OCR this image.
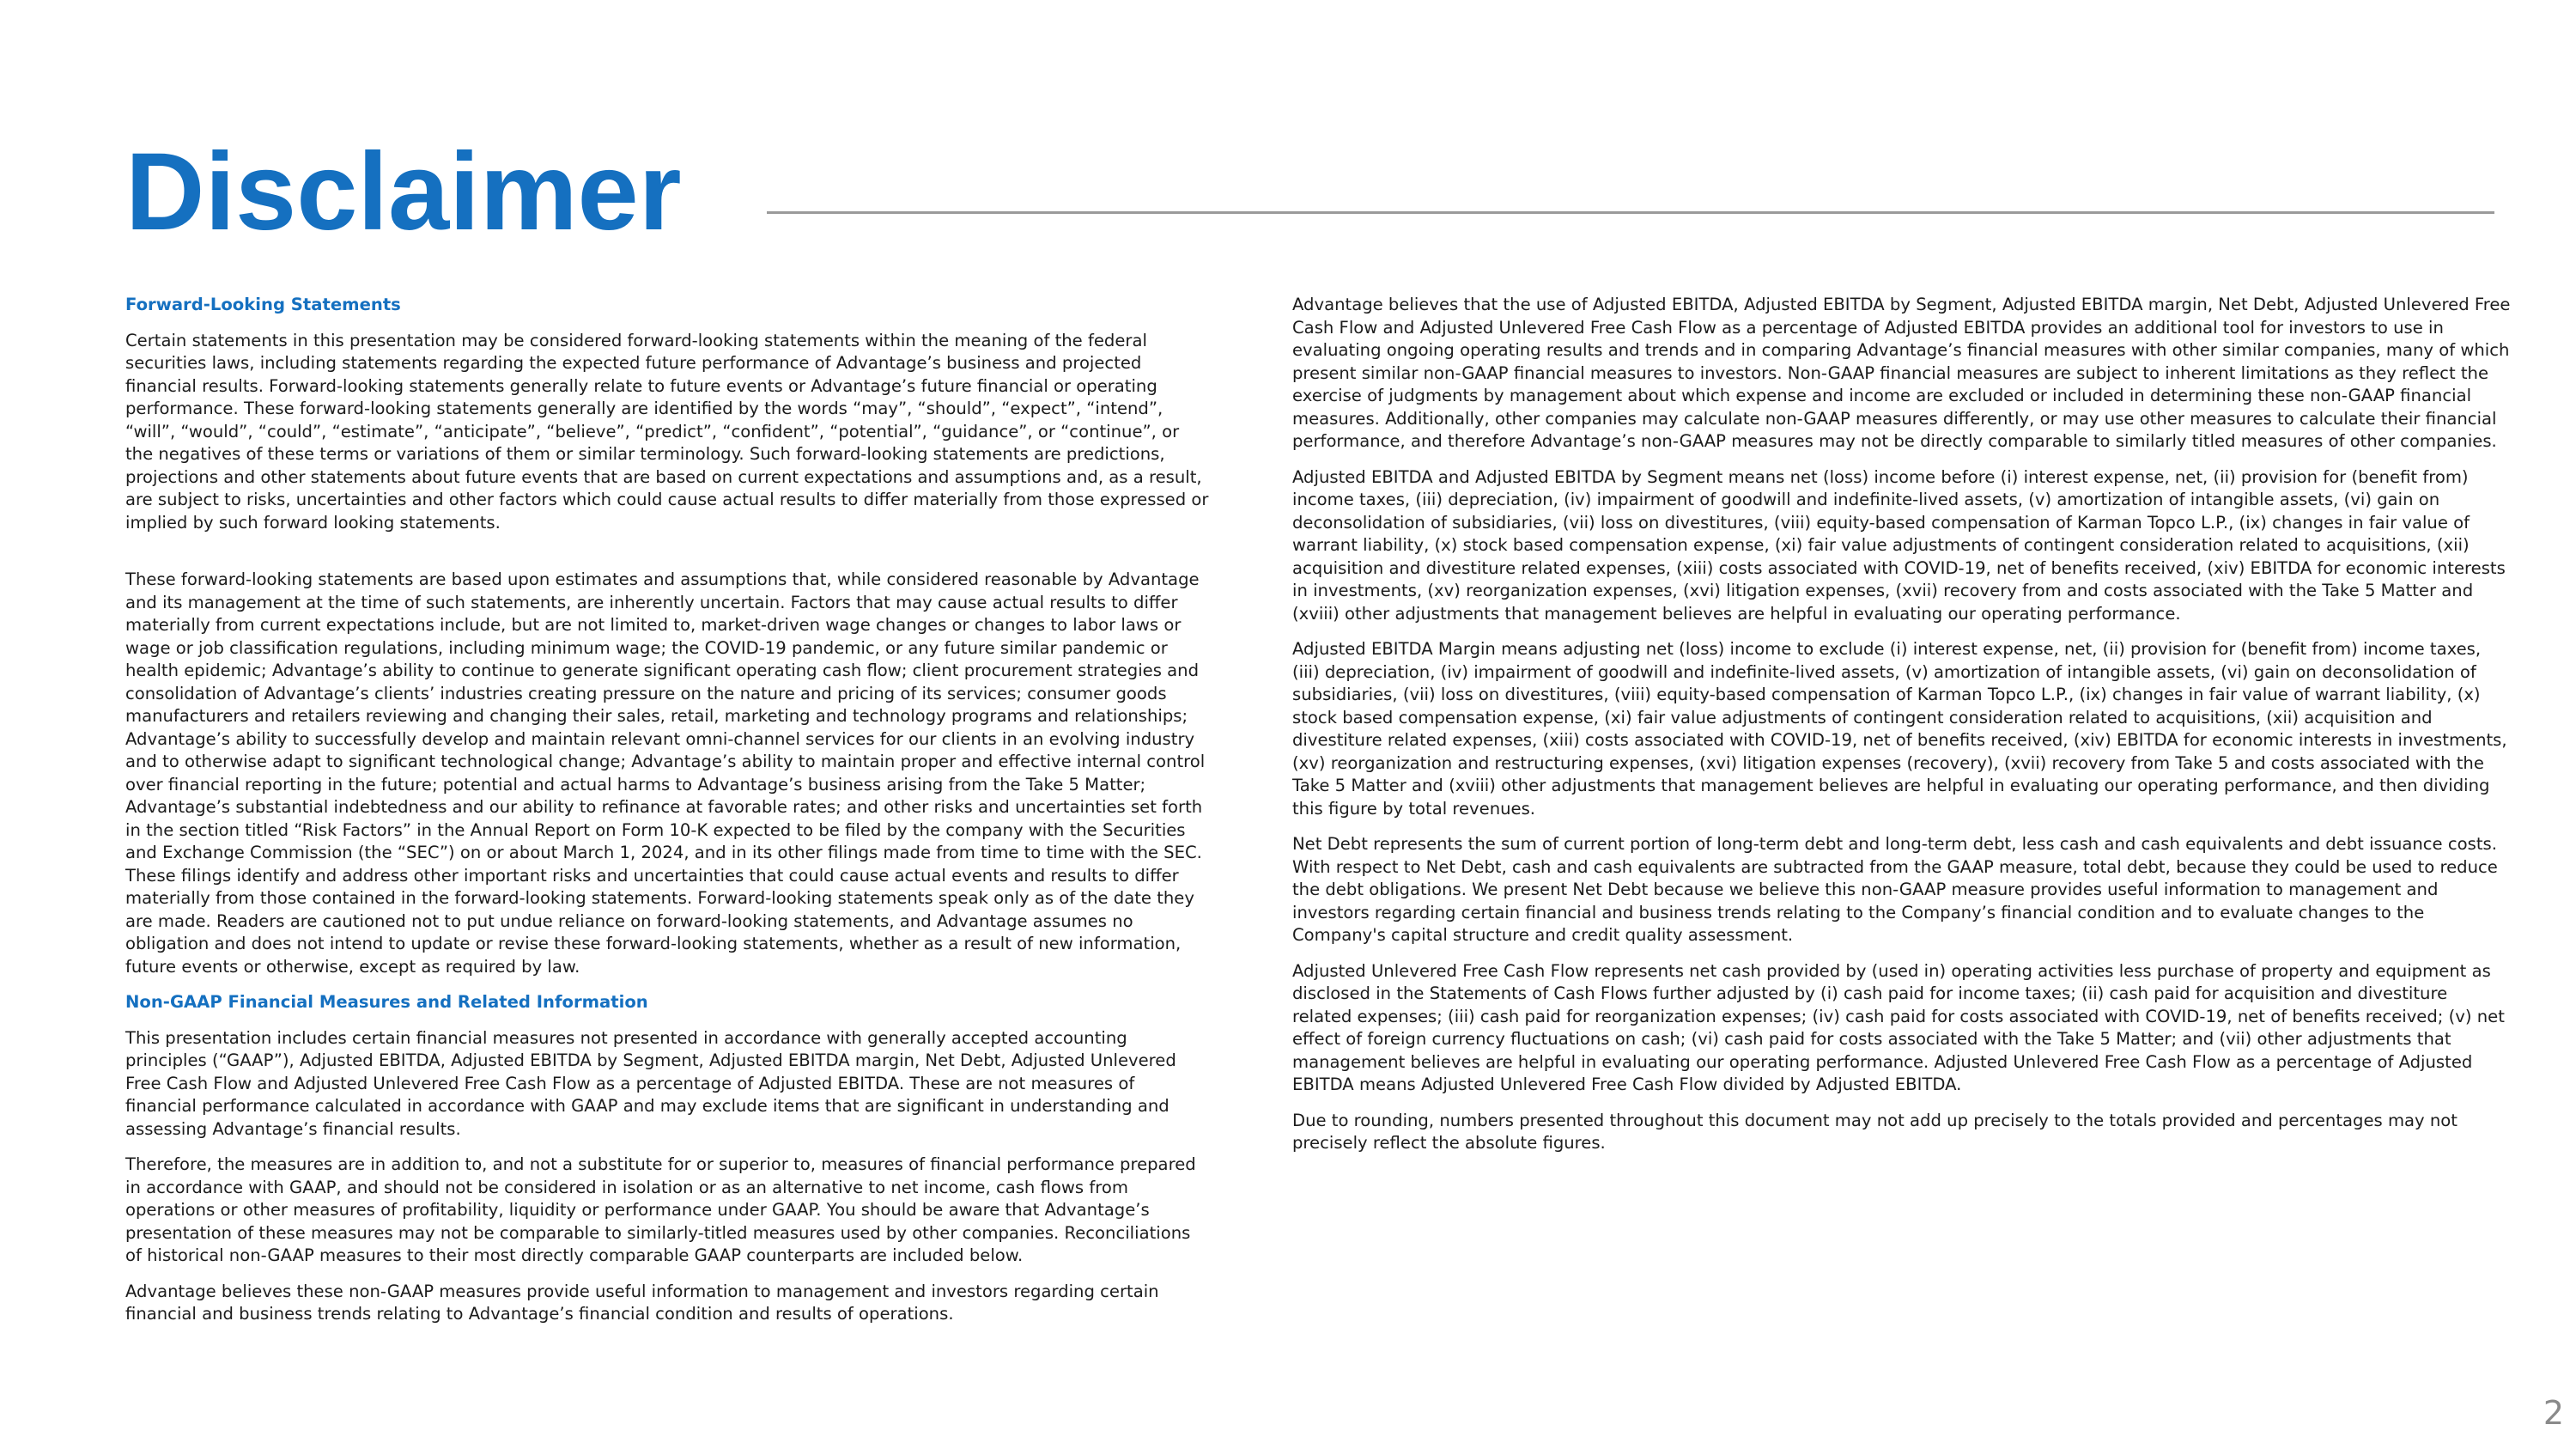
Disclaimer
Forward-Looking Statements

Certain statements in this presentation may be considered forward-looking statements within the meaning of the federal securities laws, including statements regarding the expected future performance of Advantage’s business and projected financial results. Forward-looking statements generally relate to future events or Advantage’s future financial or operating performance. These forward-looking statements generally are identified by the words “may”, “should”, “expect”, “intend”, “will”, “would”, “could”, “estimate”, “anticipate”, “believe”, “predict”, “confident”, “potential”, “guidance”, or “continue”, or the negatives of these terms or variations of them or similar terminology. Such forward-looking statements are predictions, projections and other statements about future events that are based on current expectations and assumptions and, as a result, are subject to risks, uncertainties and other factors which could cause actual results to differ materially from those expressed or implied by such forward looking statements.

These forward-looking statements are based upon estimates and assumptions that, while considered reasonable by Advantage and its management at the time of such statements, are inherently uncertain. Factors that may cause actual results to differ materially from current expectations include, but are not limited to, market-driven wage changes or changes to labor laws or wage or job classification regulations, including minimum wage; the COVID-19 pandemic, or any future similar pandemic or health epidemic; Advantage’s ability to continue to generate significant operating cash flow; client procurement strategies and consolidation of Advantage’s clients’ industries creating pressure on the nature and pricing of its services; consumer goods manufacturers and retailers reviewing and changing their sales, retail, marketing and technology programs and relationships; Advantage’s ability to successfully develop and maintain relevant omni-channel services for our clients in an evolving industry and to otherwise adapt to significant technological change; Advantage’s ability to maintain proper and effective internal control over financial reporting in the future; potential and actual harms to Advantage’s business arising from the Take 5 Matter; Advantage’s substantial indebtedness and our ability to refinance at favorable rates; and other risks and uncertainties set forth in the section titled “Risk Factors” in the Annual Report on Form 10-K expected to be filed by the company with the Securities and Exchange Commission (the “SEC”) on or about March 1, 2024, and in its other filings made from time to time with the SEC. These filings identify and address other important risks and uncertainties that could cause actual events and results to differ materially from those contained in the forward-looking statements. Forward-looking statements speak only as of the date they are made. Readers are cautioned not to put undue reliance on forward-looking statements, and Advantage assumes no obligation and does not intend to update or revise these forward-looking statements, whether as a result of new information, future events or otherwise, except as required by law.

Non-GAAP Financial Measures and Related Information

This presentation includes certain financial measures not presented in accordance with generally accepted accounting principles (“GAAP”), Adjusted EBITDA, Adjusted EBITDA by Segment, Adjusted EBITDA margin, Net Debt, Adjusted Unlevered Free Cash Flow and Adjusted Unlevered Free Cash Flow as a percentage of Adjusted EBITDA. These are not measures of financial performance calculated in accordance with GAAP and may exclude items that are significant in understanding and assessing Advantage’s financial results.

Therefore, the measures are in addition to, and not a substitute for or superior to, measures of financial performance prepared in accordance with GAAP, and should not be considered in isolation or as an alternative to net income, cash flows from operations or other measures of profitability, liquidity or performance under GAAP. You should be aware that Advantage’s presentation of these measures may not be comparable to similarly-titled measures used by other companies. Reconciliations of historical non-GAAP measures to their most directly comparable GAAP counterparts are included below.

Advantage believes these non-GAAP measures provide useful information to management and investors regarding certain financial and business trends relating to Advantage’s financial condition and results of operations.

Advantage believes that the use of Adjusted EBITDA, Adjusted EBITDA by Segment, Adjusted EBITDA margin, Net Debt, Adjusted Unlevered Free Cash Flow and Adjusted Unlevered Free Cash Flow as a percentage of Adjusted EBITDA provides an additional tool for investors to use in evaluating ongoing operating results and trends and in comparing Advantage’s financial measures with other similar companies, many of which present similar non-GAAP financial measures to investors. Non-GAAP financial measures are subject to inherent limitations as they reflect the exercise of judgments by management about which expense and income are excluded or included in determining these non-GAAP financial measures. Additionally, other companies may calculate non-GAAP measures differently, or may use other measures to calculate their financial performance, and therefore Advantage’s non-GAAP measures may not be directly comparable to similarly titled measures of other companies.

Adjusted EBITDA and Adjusted EBITDA by Segment means net (loss) income before (i) interest expense, net, (ii) provision for (benefit from) income taxes, (iii) depreciation, (iv) impairment of goodwill and indefinite-lived assets, (v) amortization of intangible assets, (vi) gain on deconsolidation of subsidiaries, (vii) loss on divestitures, (viii) equity-based compensation of Karman Topco L.P., (ix) changes in fair value of warrant liability, (x) stock based compensation expense, (xi) fair value adjustments of contingent consideration related to acquisitions, (xii) acquisition and divestiture related expenses, (xiii) costs associated with COVID-19, net of benefits received, (xiv) EBITDA for economic interests in investments, (xv) reorganization expenses, (xvi) litigation expenses, (xvii) recovery from and costs associated with the Take 5 Matter and (xviii) other adjustments that management believes are helpful in evaluating our operating performance.

Adjusted EBITDA Margin means adjusting net (loss) income to exclude (i) interest expense, net, (ii) provision for (benefit from) income taxes, (iii) depreciation, (iv) impairment of goodwill and indefinite-lived assets, (v) amortization of intangible assets, (vi) gain on deconsolidation of subsidiaries, (vii) loss on divestitures, (viii) equity-based compensation of Karman Topco L.P., (ix) changes in fair value of warrant liability, (x) stock based compensation expense, (xi) fair value adjustments of contingent consideration related to acquisitions, (xii) acquisition and divestiture related expenses, (xiii) costs associated with COVID-19, net of benefits received, (xiv) EBITDA for economic interests in investments, (xv) reorganization and restructuring expenses, (xvi) litigation expenses (recovery), (xvii) recovery from Take 5 and costs associated with the Take 5 Matter and (xviii) other adjustments that management believes are helpful in evaluating our operating performance, and then dividing this figure by total revenues.

Net Debt represents the sum of current portion of long-term debt and long-term debt, less cash and cash equivalents and debt issuance costs. With respect to Net Debt, cash and cash equivalents are subtracted from the GAAP measure, total debt, because they could be used to reduce the debt obligations. We present Net Debt because we believe this non-GAAP measure provides useful information to management and investors regarding certain financial and business trends relating to the Company’s financial condition and to evaluate changes to the Company's capital structure and credit quality assessment.

Adjusted Unlevered Free Cash Flow represents net cash provided by (used in) operating activities less purchase of property and equipment as disclosed in the Statements of Cash Flows further adjusted by (i) cash paid for income taxes; (ii) cash paid for acquisition and divestiture related expenses; (iii) cash paid for reorganization expenses; (iv) cash paid for costs associated with COVID-19, net of benefits received; (v) net effect of foreign currency fluctuations on cash; (vi) cash paid for costs associated with the Take 5 Matter; and (vii) other adjustments that management believes are helpful in evaluating our operating performance. Adjusted Unlevered Free Cash Flow as a percentage of Adjusted EBITDA means Adjusted Unlevered Free Cash Flow divided by Adjusted EBITDA.

Due to rounding, numbers presented throughout this document may not add up precisely to the totals provided and percentages may not precisely reflect the absolute figures.

2
